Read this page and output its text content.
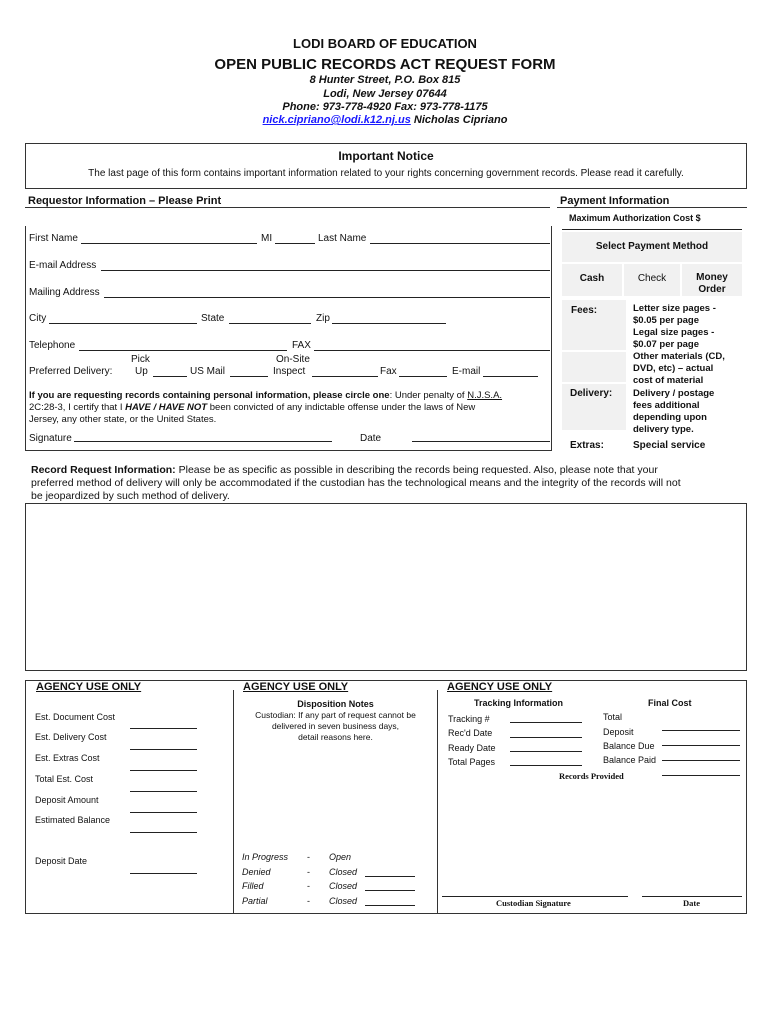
LODI BOARD OF EDUCATION
OPEN PUBLIC RECORDS ACT REQUEST FORM
8 Hunter Street, P.O. Box 815
Lodi, New Jersey 07644
Phone: 973-778-4920 Fax: 973-778-1175
nick.cipriano@lodi.k12.nj.us Nicholas Cipriano
Important Notice
The last page of this form contains important information related to your rights concerning government records. Please read it carefully.
Requestor Information – Please Print
First Name	MI	Last Name
E-mail Address
Mailing Address
City	State	Zip
Telephone	FAX
Pick	On-Site
Preferred Delivery: Up	US Mail	Inspect	Fax	E-mail
If you are requesting records containing personal information, please circle one: Under penalty of N.J.S.A.
2C:28-3, I certify that I HAVE / HAVE NOT been convicted of any indictable offense under the laws of New
Jersey, any other state, or the United States.
Signature	Date
Payment Information
Maximum Authorization Cost $
Select Payment Method
Cash	Check	Money
Order
Fees:	Letter size pages -
$0.05 per page
Legal size pages -
$0.07 per page
Other materials (CD,
DVD, etc) – actual
cost of material
Delivery:	Delivery / postage
fees additional
depending upon
delivery type.
Extras:	Special service
Record Request Information: Please be as specific as possible in describing the records being requested. Also, please note that your
preferred method of delivery will only be accommodated if the custodian has the technological means and the integrity of the records will not
be jeopardized by such method of delivery.
AGENCY USE ONLY	AGENCY USE ONLY	AGENCY USE ONLY
Est. Document Cost
Est. Delivery Cost
Est. Extras Cost
Total Est. Cost
Deposit Amount
Estimated Balance
Deposit Date
Disposition Notes
Custodian: If any part of request cannot be
delivered in seven business days,
detail reasons here.
In Progress - Open
Denied	- Closed
Filled	- Closed
Partial	- Closed
Tracking Information
Tracking #
Rec'd Date
Ready Date
Total Pages
Final Cost
Total
Deposit
Balance Due
Balance Paid
Records Provided
Custodian Signature	Date
